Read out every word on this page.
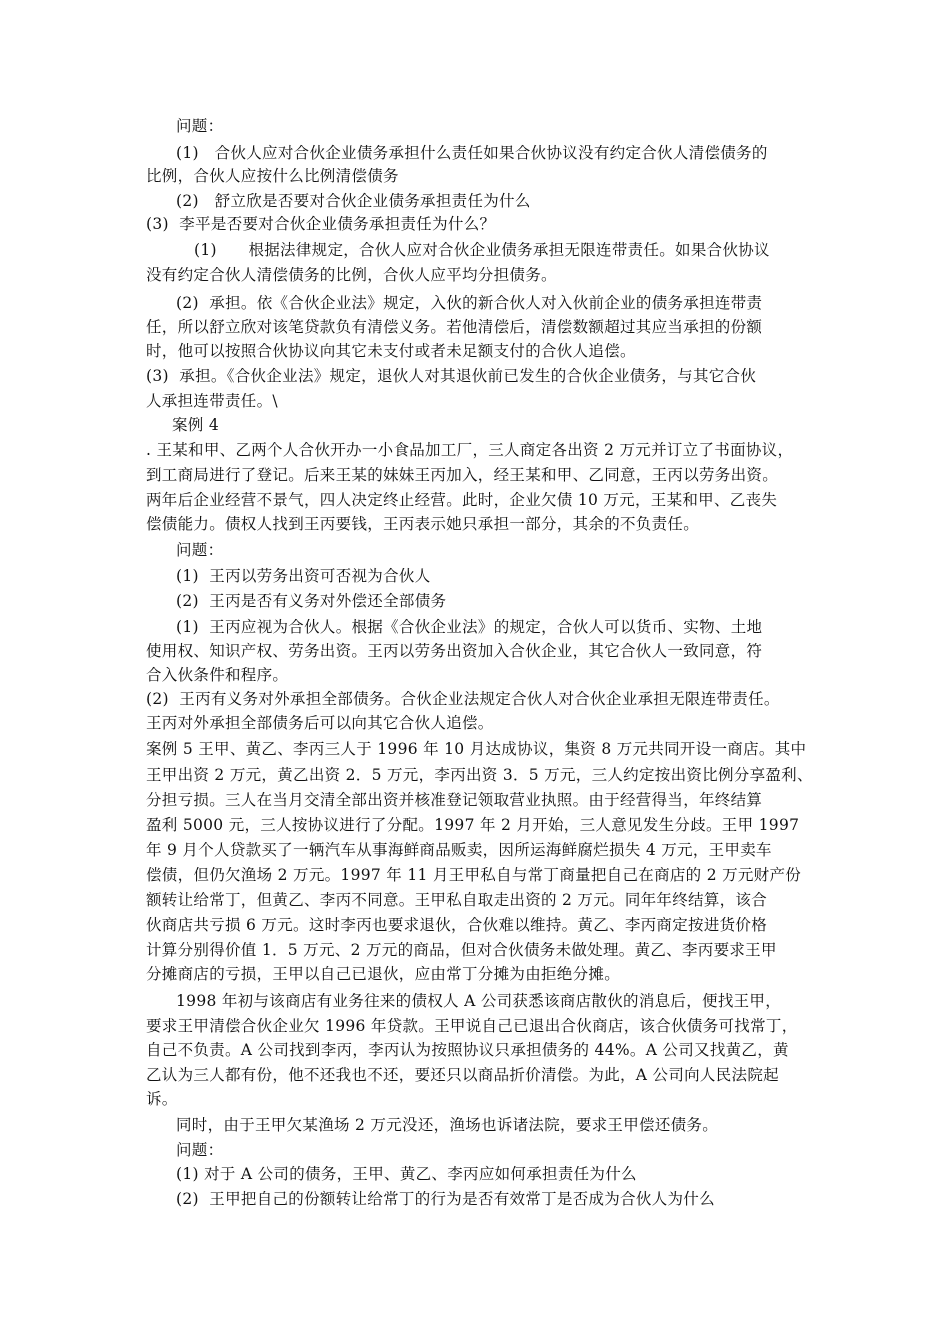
问题：

(1)　合伙人应对合伙企业债务承担什么责任如果合伙协议没有约定合伙人清偿债务的

比例，合伙人应按什么比例清偿债务

(2)　舒立欣是否要对合伙企业债务承担责任为什么

(3)  李平是否要对合伙企业债务承担责任为什么？

(1)　　根据法律规定，合伙人应对合伙企业债务承担无限连带责任。如果合伙协议

没有约定合伙人清偿债务的比例，合伙人应平均分担债务。

(2)  承担。依《合伙企业法》规定，入伙的新合伙人对入伙前企业的债务承担连带责

任，所以舒立欣对该笔贷款负有清偿义务。若他清偿后，清偿数额超过其应当承担的份额

时，他可以按照合伙协议向其它未支付或者未足额支付的合伙人追偿。

(3)  承担。《合伙企业法》规定，退伙人对其退伙前已发生的合伙企业债务，与其它合伙

人承担连带责任。\

案例 4

. 王某和甲、乙两个人合伙开办一小食品加工厂，三人商定各出资 2 万元并订立了书面协议，

到工商局进行了登记。后来王某的妹妹王丙加入，经王某和甲、乙同意，王丙以劳务出资。

两年后企业经营不景气，四人决定终止经营。此时，企业欠债 10 万元，王某和甲、乙丧失

偿债能力。债权人找到王丙要钱，王丙表示她只承担一部分，其余的不负责任。

问题：

(1)  王丙以劳务出资可否视为合伙人

(2)  王丙是否有义务对外偿还全部债务

(1)  王丙应视为合伙人。根据《合伙企业法》的规定，合伙人可以货币、实物、土地

使用权、知识产权、劳务出资。王丙以劳务出资加入合伙企业，其它合伙人一致同意，符

合入伙条件和程序。

(2)  王丙有义务对外承担全部债务。合伙企业法规定合伙人对合伙企业承担无限连带责任。

王丙对外承担全部债务后可以向其它合伙人追偿。

案例 5 王甲、黄乙、李丙三人于 1996 年 10 月达成协议，集资 8 万元共同开设一商店。其中

王甲出资 2 万元，黄乙出资 2．5 万元，李丙出资 3．5 万元，三人约定按出资比例分享盈利、

分担亏损。三人在当月交清全部出资并核准登记领取营业执照。由于经营得当，年终结算

盈利 5000 元，三人按协议进行了分配。1997 年 2 月开始，三人意见发生分歧。王甲 1997

年 9 月个人贷款买了一辆汽车从事海鲜商品贩卖，因所运海鲜腐烂损失 4 万元，王甲卖车

偿债，但仍欠渔场 2 万元。1997 年 11 月王甲私自与常丁商量把自己在商店的 2 万元财产份

额转让给常丁，但黄乙、李丙不同意。王甲私自取走出资的 2 万元。同年年终结算，该合

伙商店共亏损 6 万元。这时李丙也要求退伙，合伙难以维持。黄乙、李丙商定按进货价格

计算分别得价值 1．5 万元、2 万元的商品，但对合伙债务未做处理。黄乙、李丙要求王甲

分摊商店的亏损，王甲以自己已退伙，应由常丁分摊为由拒绝分摊。

1998 年初与该商店有业务往来的债权人 A 公司获悉该商店散伙的消息后，便找王甲，

要求王甲清偿合伙企业欠 1996 年贷款。王甲说自己已退出合伙商店，该合伙债务可找常丁，

自己不负责。A 公司找到李丙，李丙认为按照协议只承担债务的 44%。A 公司又找黄乙，黄

乙认为三人都有份，他不还我也不还，要还只以商品折价清偿。为此，A 公司向人民法院起

诉。

同时，由于王甲欠某渔场 2 万元没还，渔场也诉诸法院，要求王甲偿还债务。

问题：

(1) 对于 A 公司的债务，王甲、黄乙、李丙应如何承担责任为什么

(2)  王甲把自己的份额转让给常丁的行为是否有效常丁是否成为合伙人为什么
